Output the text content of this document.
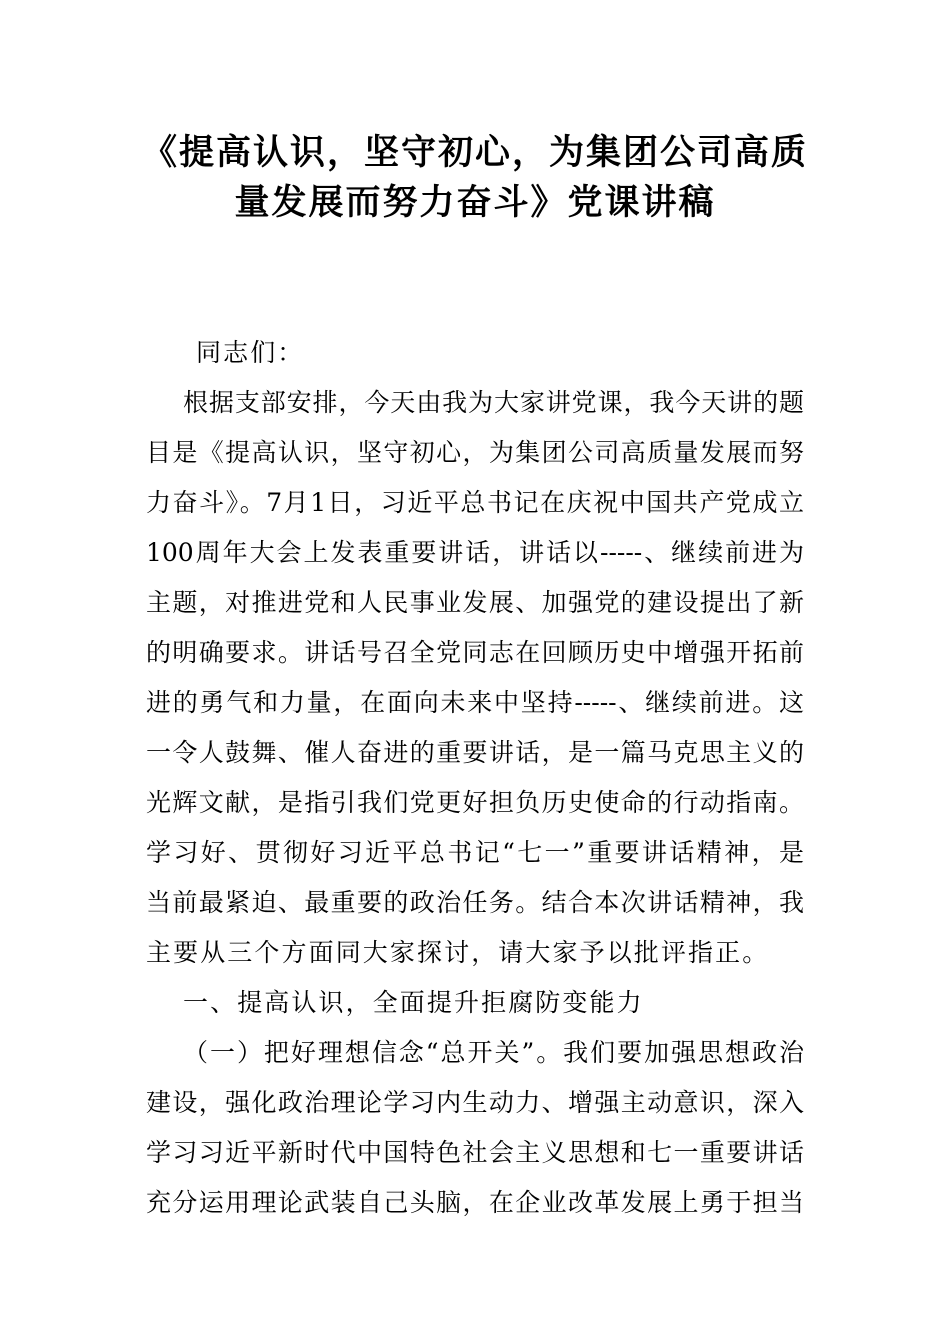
《提高认识，坚守初心，为集团公司高质
量发展而努力奋斗》党课讲稿
同志们：
根据支部安排，今天由我为大家讲党课，我今天讲的题
目是《提高认识，坚守初心，为集团公司高质量发展而努
力奋斗》。7月1日，习近平总书记在庆祝中国共产党成立
100周年大会上发表重要讲话，讲话以-----、继续前进为
主题，对推进党和人民事业发展、加强党的建设提出了新
的明确要求。讲话号召全党同志在回顾历史中增强开拓前
进的勇气和力量，在面向未来中坚持-----、继续前进。这
一令人鼓舞、催人奋进的重要讲话，是一篇马克思主义的
光辉文献，是指引我们党更好担负历史使命的行动指南。
学习好、贯彻好习近平总书记“七一”重要讲话精神，是
当前最紧迫、最重要的政治任务。结合本次讲话精神，我
主要从三个方面同大家探讨，请大家予以批评指正。
一、提高认识，全面提升拒腐防变能力
（一）把好理想信念“总开关”。我们要加强思想政治
建设，强化政治理论学习内生动力、增强主动意识，深入
学习习近平新时代中国特色社会主义思想和七一重要讲话
充分运用理论武装自己头脑，在企业改革发展上勇于担当
